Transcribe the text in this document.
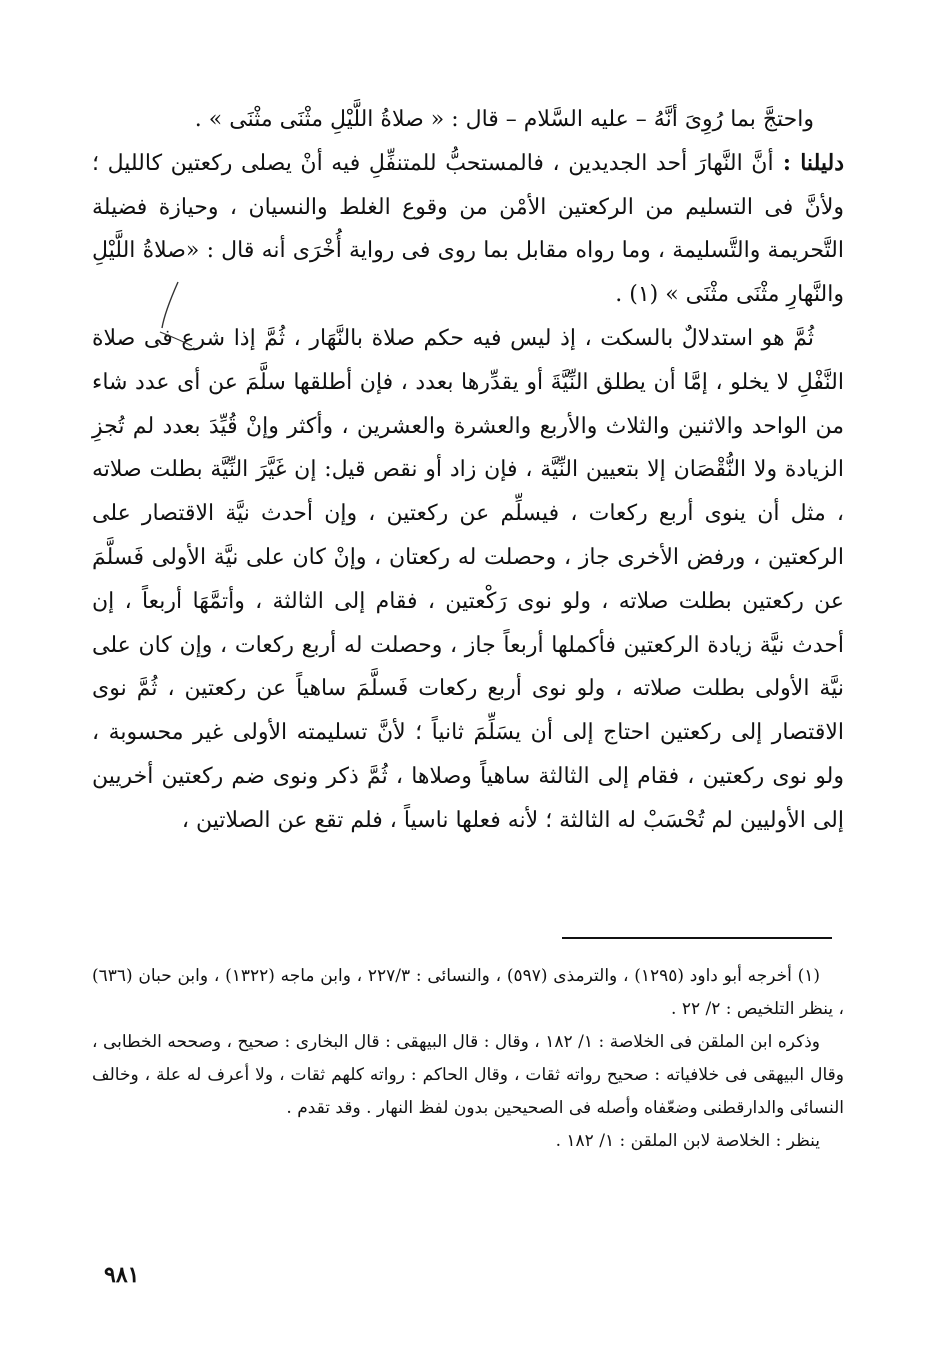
واحتجَّ بما رُوِىَ أنَّهُ – عليه السَّلام – قال : « صلاةُ اللَّيْلِ مثْنَى مثْنَى » .

دليلنا : أنَّ النَّهارَ أحد الجديدين ، فالمستحبُّ للمتنفِّلِ فيه أنْ يصلى ركعتين كالليل ؛ ولأنَّ فى التسليم من الركعتين الأمْن من وقوع الغلط والنسيان ، وحيازة فضيلة التَّحريمة والتَّسليمة ، وما رواه مقابل بما روى فى رواية أُخْرَى أنه قال : «صلاةُ اللَّيْلِ والنَّهارِ مثْنَى مثْنَى » (١) .

ثُمَّ هو استدلالٌ بالسكت ، إذ ليس فيه حكم صلاة بالنَّهَار ، ثُمَّ إذا شرع فى صلاة النَّفْلِ لا يخلو ، إمَّا أن يطلق النِّيَّةَ أو يقدِّرها بعدد ، فإن أطلقها سلَّمَ عن أى عدد شاء من الواحد والاثنين والثلاث والأربع والعشرة والعشرين ، وأكثر وإنْ قُيِّدَ بعدد لم تُجزِ الزيادة ولا النُّقْصَان إلا بتعيين النِّيَّة ، فإن زاد أو نقص قيل: إن غَيَّرَ النِّيَّة بطلت صلاته ، مثل أن ينوى أربع ركعات ، فيسلِّم عن ركعتين ، وإن أحدث نيَّة الاقتصار على الركعتين ، ورفض الأخرى جاز ، وحصلت له ركعتان ، وإنْ كان على نيَّة الأولى فَسلَّمَ عن ركعتين بطلت صلاته ، ولو نوى رَكْعتين ، فقام إلى الثالثة ، وأتمَّهَا أربعاً ، إن أحدث نيَّة زيادة الركعتين فأكملها أربعاً جاز ، وحصلت له أربع ركعات ، وإن كان على نيَّة الأولى بطلت صلاته ، ولو نوى أربع ركعات فَسلَّمَ ساهياً عن ركعتين ، ثُمَّ نوى الاقتصار إلى ركعتين احتاج إلى أن يسَلِّمَ ثانياً ؛ لأنَّ تسليمته الأولى غير محسوبة ، ولو نوى ركعتين ، فقام إلى الثالثة ساهياً وصلاها ، ثُمَّ ذكر ونوى ضم ركعتين أخريين إلى الأوليين لم تُحْسَبْ له الثالثة ؛ لأنه فعلها ناسياً ، فلم تقع عن الصلاتين ،

(١) أخرجه أبو داود (١٢٩٥) ، والترمذى (٥٩٧) ، والنسائى : ٢٢٧/٣ ، وابن ماجه (١٣٢٢) ، وابن حبان (٦٣٦) ، ينظر التلخيص : ٢/ ٢٢ .

وذكره ابن الملقن فى الخلاصة : ١/ ١٨٢ ، وقال : قال البيهقى : قال البخارى : صحيح ، وصححه الخطابى ، وقال البيهقى فى خلافياته : صحيح رواته ثقات ، وقال الحاكم : رواته كلهم ثقات ، ولا أعرف له علة ، وخالف النسائى والدارقطنى وضعّفاه وأصله فى الصحيحين بدون لفظ النهار . وقد تقدم .

ينظر : الخلاصة لابن الملقن : ١/ ١٨٢ .

٩٨١
